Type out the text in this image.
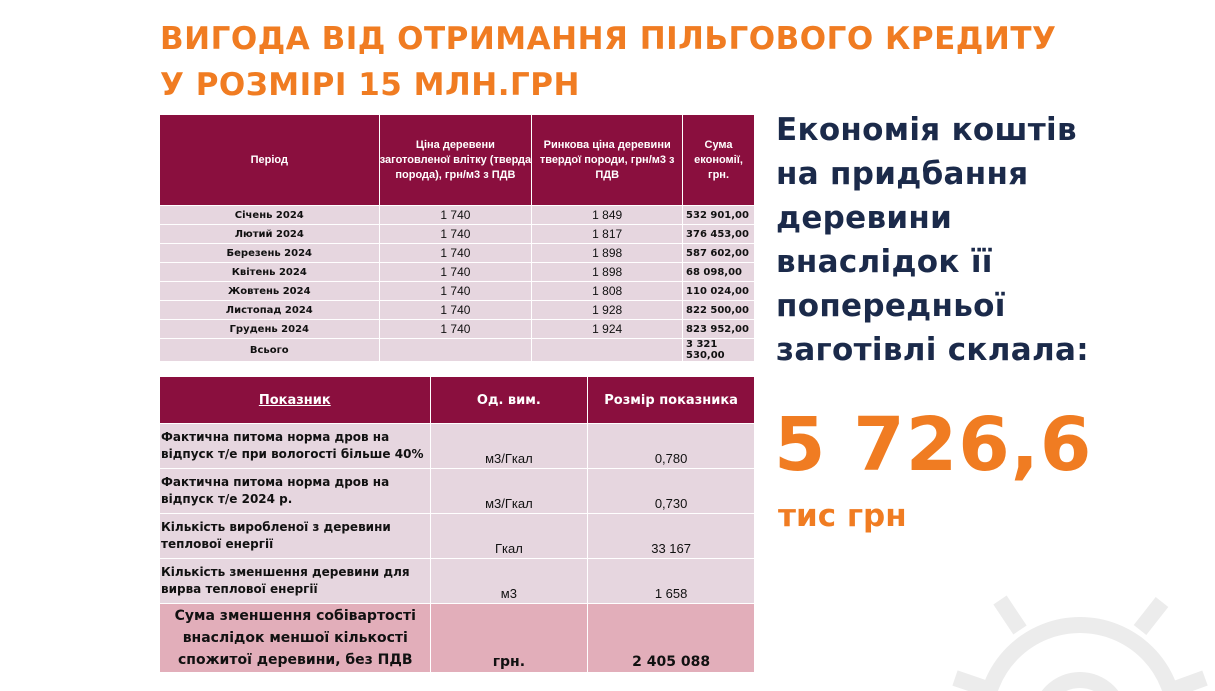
ВИГОДА ВІД ОТРИМАННЯ ПІЛЬГОВОГО КРЕДИТУ
У РОЗМІРІ 15 МЛН.ГРН
Період	Ціна деревени заготовленої влітку (тверда порода), грн/м3 з ПДВ	Ринкова ціна деревини твердої породи, грн/м3 з ПДВ	Сума економії, грн.
Січень 2024	1 740	1 849	532 901,00
Лютий 2024	1 740	1 817	376 453,00
Березень 2024	1 740	1 898	587 602,00
Квітень 2024	1 740	1 898	68 098,00
Жовтень 2024	1 740	1 808	110 024,00
Листопад 2024	1 740	1 928	822 500,00
Грудень 2024	1 740	1 924	823 952,00
Всього			3 321 530,00
Показник	Од. вим.	Розмір показника
Фактична питома норма дров на відпуск т/е при вологості більше 40%	м3/Гкал	0,780
Фактична питома норма дров на відпуск т/е 2024 р.	м3/Гкал	0,730
Кількість виробленої з деревини теплової енергії	Гкал	33 167
Кількість зменшення деревини для вирва теплової енергії	м3	1 658
Сума зменшення собівартості внаслідок меншої кількості спожитої деревини, без ПДВ	грн.	2 405 088
Економія коштів
на придбання
деревини
внаслідок її
попередньої
заготівлі склала:
5 726,6
тис грн
